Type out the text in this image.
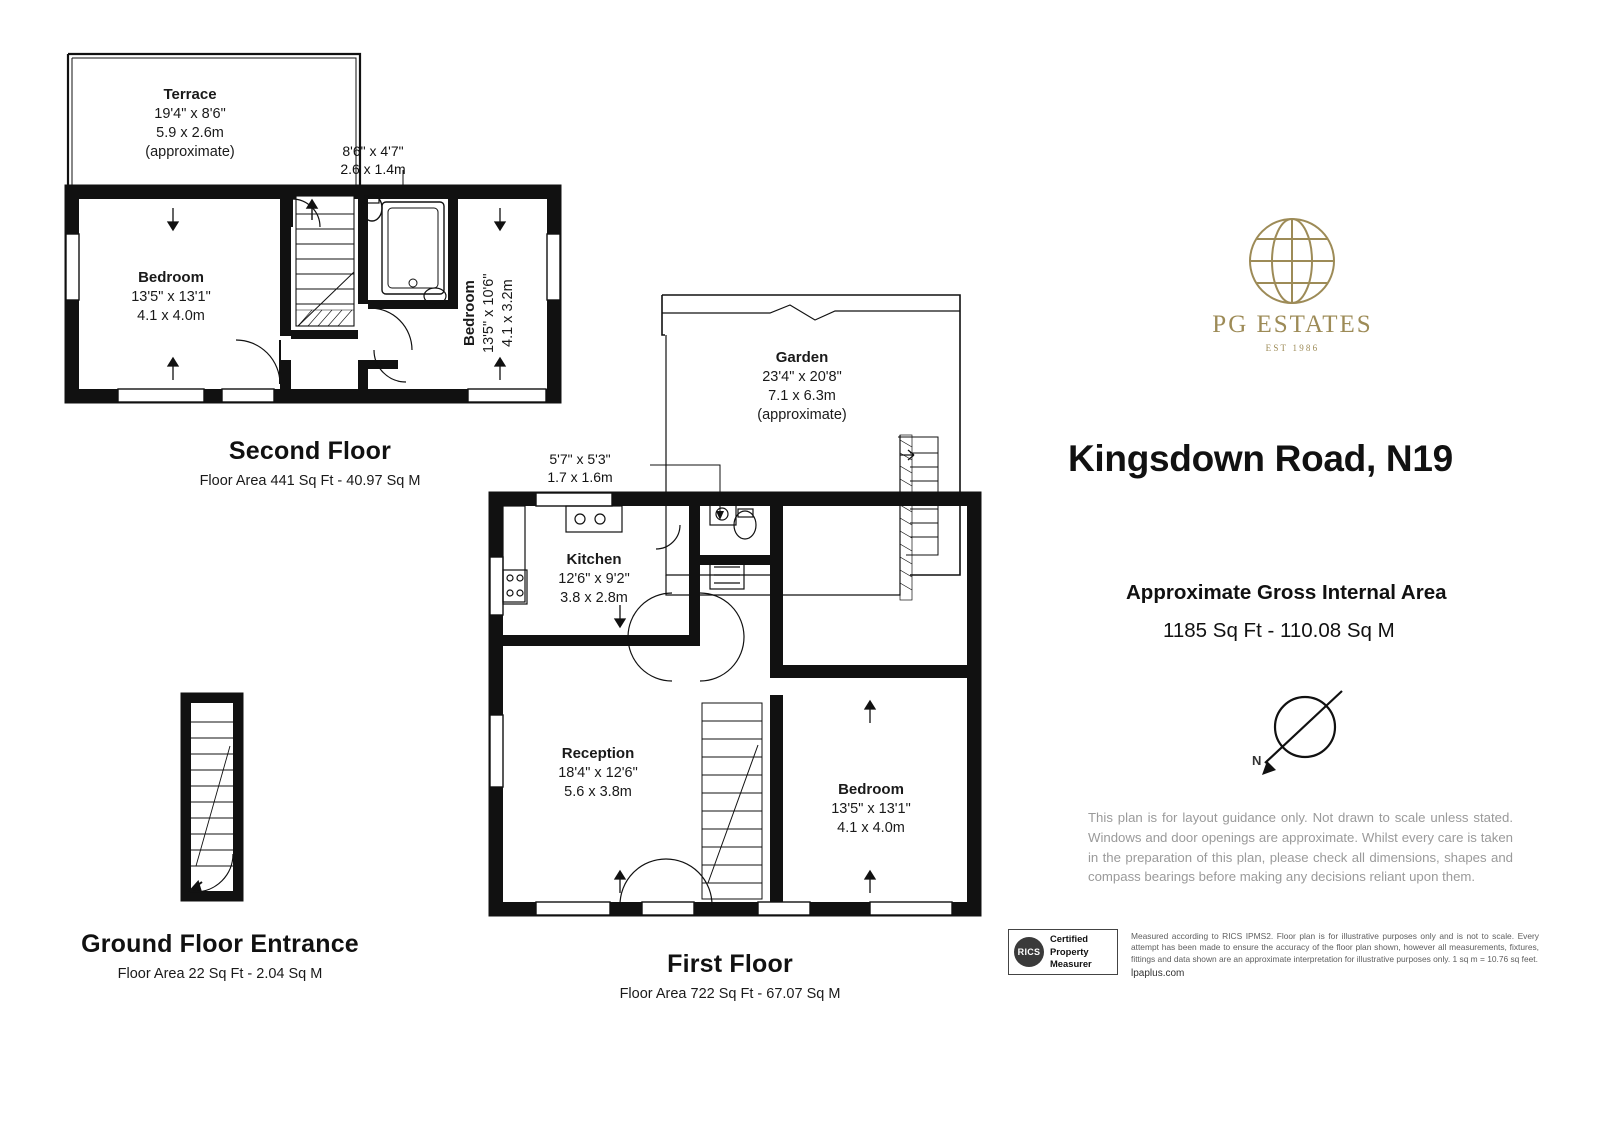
Terrace
19'4" x 8'6"
5.9 x 2.6m
(approximate)	8'6" x 4'7"
2.6 x 1.4m
Bedroom
13'5" x 13'1"
4.1 x 4.0m	Bedroom 13'5" x 10'6" 4.1 x 3.2m
Second Floor
Floor Area 441 Sq Ft - 40.97 Sq M
Ground Floor Entrance
Floor Area 22 Sq Ft - 2.04 Sq M
Garden
23'4" x 20'8"
7.1 x 6.3m
(approximate)
5'7" x 5'3"
1.7 x 1.6m
Kitchen
12'6" x 9'2"
3.8 x 2.8m
Reception
18'4" x 12'6"
5.6 x 3.8m	Bedroom
13'5" x 13'1"
4.1 x 4.0m
First Floor
Floor Area 722 Sq Ft - 67.07 Sq M
PG ESTATES
EST 1986
Kingsdown Road, N19
Approximate Gross Internal Area
1185 Sq Ft - 110.08 Sq M
N
This plan is for layout guidance only. Not drawn to scale unless stated. Windows and door openings are approximate. Whilst every care is taken in the preparation of this plan, please check all dimensions, shapes and compass bearings before making any decisions reliant upon them.
RICS
Certified
Property
Measurer
Measured according to RICS IPMS2. Floor plan is for illustrative purposes only and is not to scale. Every attempt has been made to ensure the accuracy of the floor plan shown, however all measurements, fixtures, fittings and data shown are an approximate interpretation for illustrative purposes only. 1 sq m = 10.76 sq feet.
lpaplus.com
